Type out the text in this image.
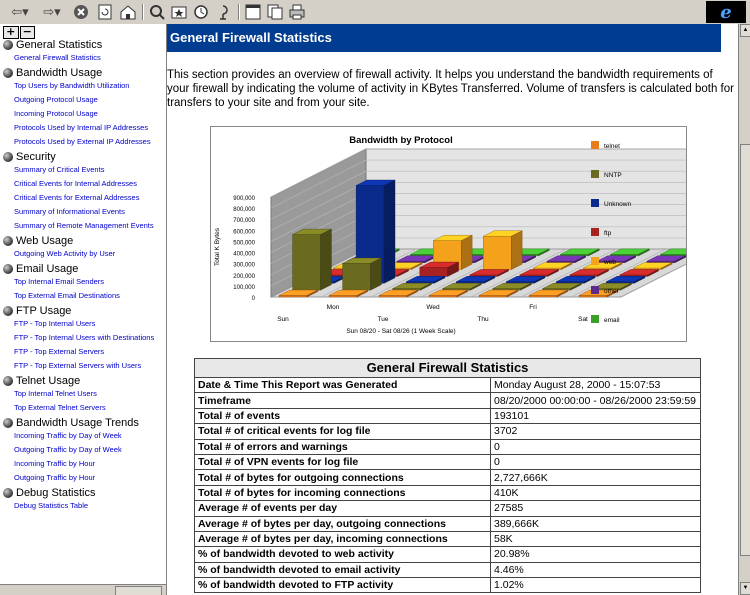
⇦▾	⇨▾	e
+ −
General Statistics
General Firewall Statistics
Bandwidth Usage
Top Users by Bandwidth Utilization
Outgoing Protocol Usage
Incoming Protocol Usage
Protocols Used by Internal IP Addresses
Protocols Used by External IP Addresses
Security
Summary of Critical Events
Critical Events for Internal Addresses
Critical Events for External Addresses
Summary of Informational Events
Summary of Remote Management Events
Web Usage
Outgoing Web Activity by User
Email Usage
Top Internal Email Senders
Top External Email Destinations
FTP Usage
FTP - Top Internal Users
FTP - Top Internal Users with Destinations
FTP - Top External Servers
FTP - Top External Servers with Users
Telnet Usage
Top Internal Telnet Users
Top External Telnet Servers
Bandwidth Usage Trends
Incoming Traffic by Day of Week
Outgoing Traffic by Day of Week
Incoming Traffic by Hour
Outgoing Traffic by Hour
Debug Statistics
Debug Statistics Table
General Firewall Statistics
This section provides an overview of firewall activity. It helps you understand the bandwidth requirements of your firewall by indicating the volume of activity in KBytes Transferred. Volume of transfers is calculated both for transfers to your site and from your site.
Bandwidth by Protocol
0
100,000
200,000
300,000
400,000
500,000
600,000
700,000
800,000
900,000
Total K Bytes
Sun
Mon
Tue
Wed
Thu
Fri
Sat
Sun 08/20 - Sat 08/26 (1 Week Scale)
telnet
NNTP
Unknown
ftp
web
other
email
General Firewall Statistics	
Date & Time This Report was Generated	Monday August 28, 2000 - 15:07:53
Timeframe	08/20/2000 00:00:00 - 08/26/2000 23:59:59
Total # of events	193101
Total # of critical events for log file	3702
Total # of errors and warnings	0
Total # of VPN events for log file	0
Total # of bytes for outgoing connections	2,727,666K
Total # of bytes for incoming connections	410K
Average # of events per day	27585
Average # of bytes per day, outgoing connections	389,666K
Average # of bytes per day, incoming connections	58K
% of bandwidth devoted to web activity	20.98%
% of bandwidth devoted to email activity	4.46%
% of bandwidth devoted to FTP activity	1.02%
▲
▼
